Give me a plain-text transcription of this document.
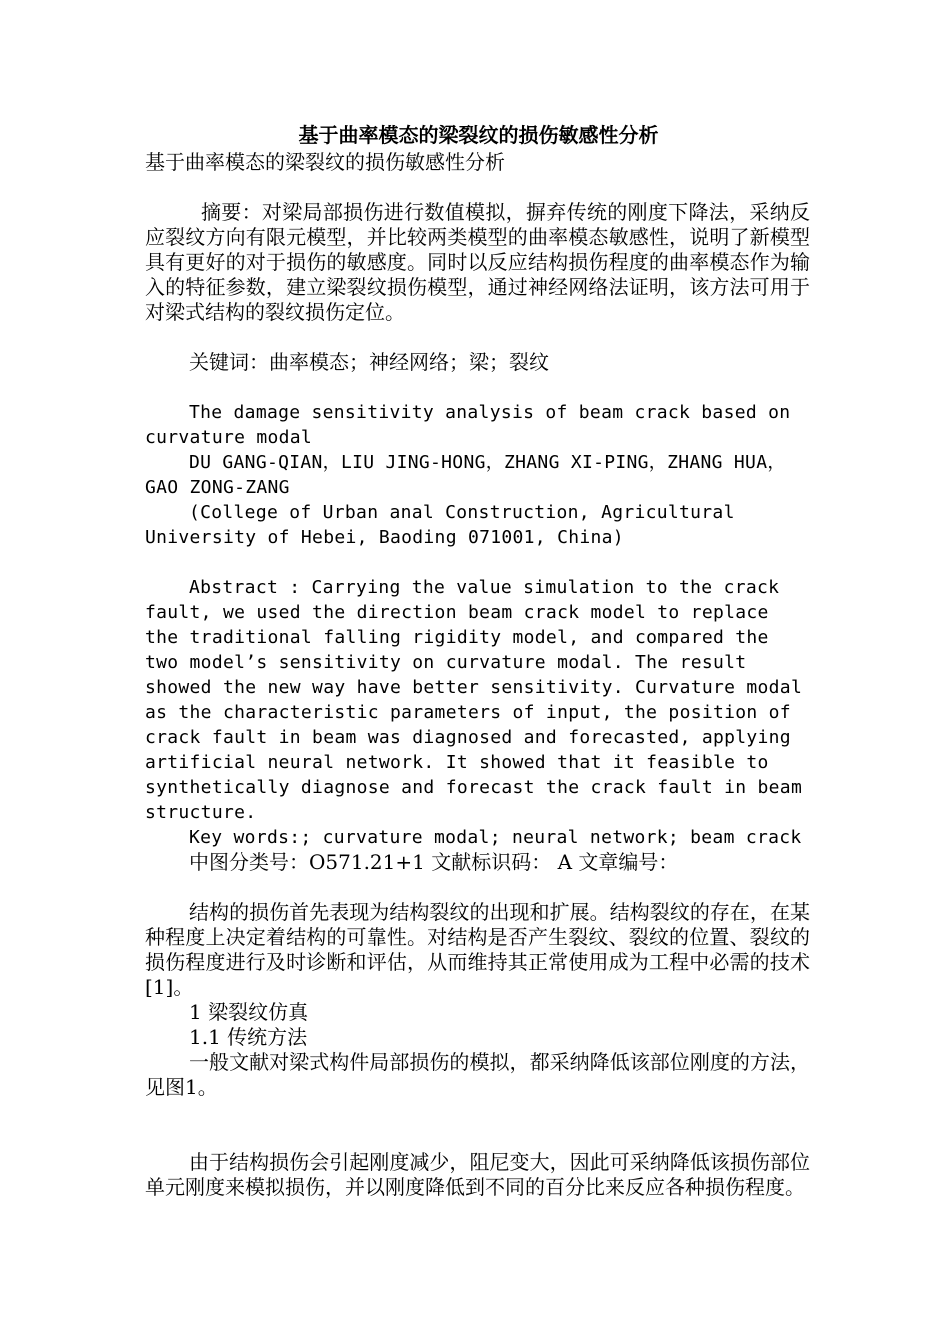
基于曲率模态的梁裂纹的损伤敏感性分析

基于曲率模态的梁裂纹的损伤敏感性分析

摘要：对梁局部损伤进行数值模拟，摒弃传统的刚度下降法，采纳反应裂纹方向有限元模型，并比较两类模型的曲率模态敏感性，说明了新模型具有更好的对于损伤的敏感度。同时以反应结构损伤程度的曲率模态作为输入的特征参数，建立梁裂纹损伤模型，通过神经网络法证明，该方法可用于对梁式结构的裂纹损伤定位。

关键词：曲率模态；神经网络；梁；裂纹

The damage sensitivity analysis of beam crack based on curvature modal

DU GANG-QIAN，LIU JING-HONG，ZHANG XI-PING，ZHANG HUA，GAO ZONG-ZANG

(College of Urban anal Construction, Agricultural University of Hebei, Baoding 071001, China)

Abstract : Carrying the value simulation to the crack fault, we used the direction beam crack model to replace the traditional falling rigidity model, and compared the two model’s sensitivity on curvature modal. The result showed the new way have better sensitivity. Curvature modal as the characteristic parameters of input, the position of crack fault in beam was diagnosed and forecasted, applying artificial neural network. It showed that it feasible to synthetically diagnose and forecast the crack fault in beam structure.

Key words:; curvature modal; neural network; beam crack

中图分类号：O571.21+1 文献标识码： A 文章编号：

结构的损伤首先表现为结构裂纹的出现和扩展。结构裂纹的存在，在某种程度上决定着结构的可靠性。对结构是否产生裂纹、裂纹的位置、裂纹的损伤程度进行及时诊断和评估，从而维持其正常使用成为工程中必需的技术[1]。

1 梁裂纹仿真

1.1 传统方法

一般文献对梁式构件局部损伤的模拟，都采纳降低该部位刚度的方法，见图1。

由于结构损伤会引起刚度减少，阻尼变大，因此可采纳降低该损伤部位单元刚度来模拟损伤，并以刚度降低到不同的百分比来反应各种损伤程度。
